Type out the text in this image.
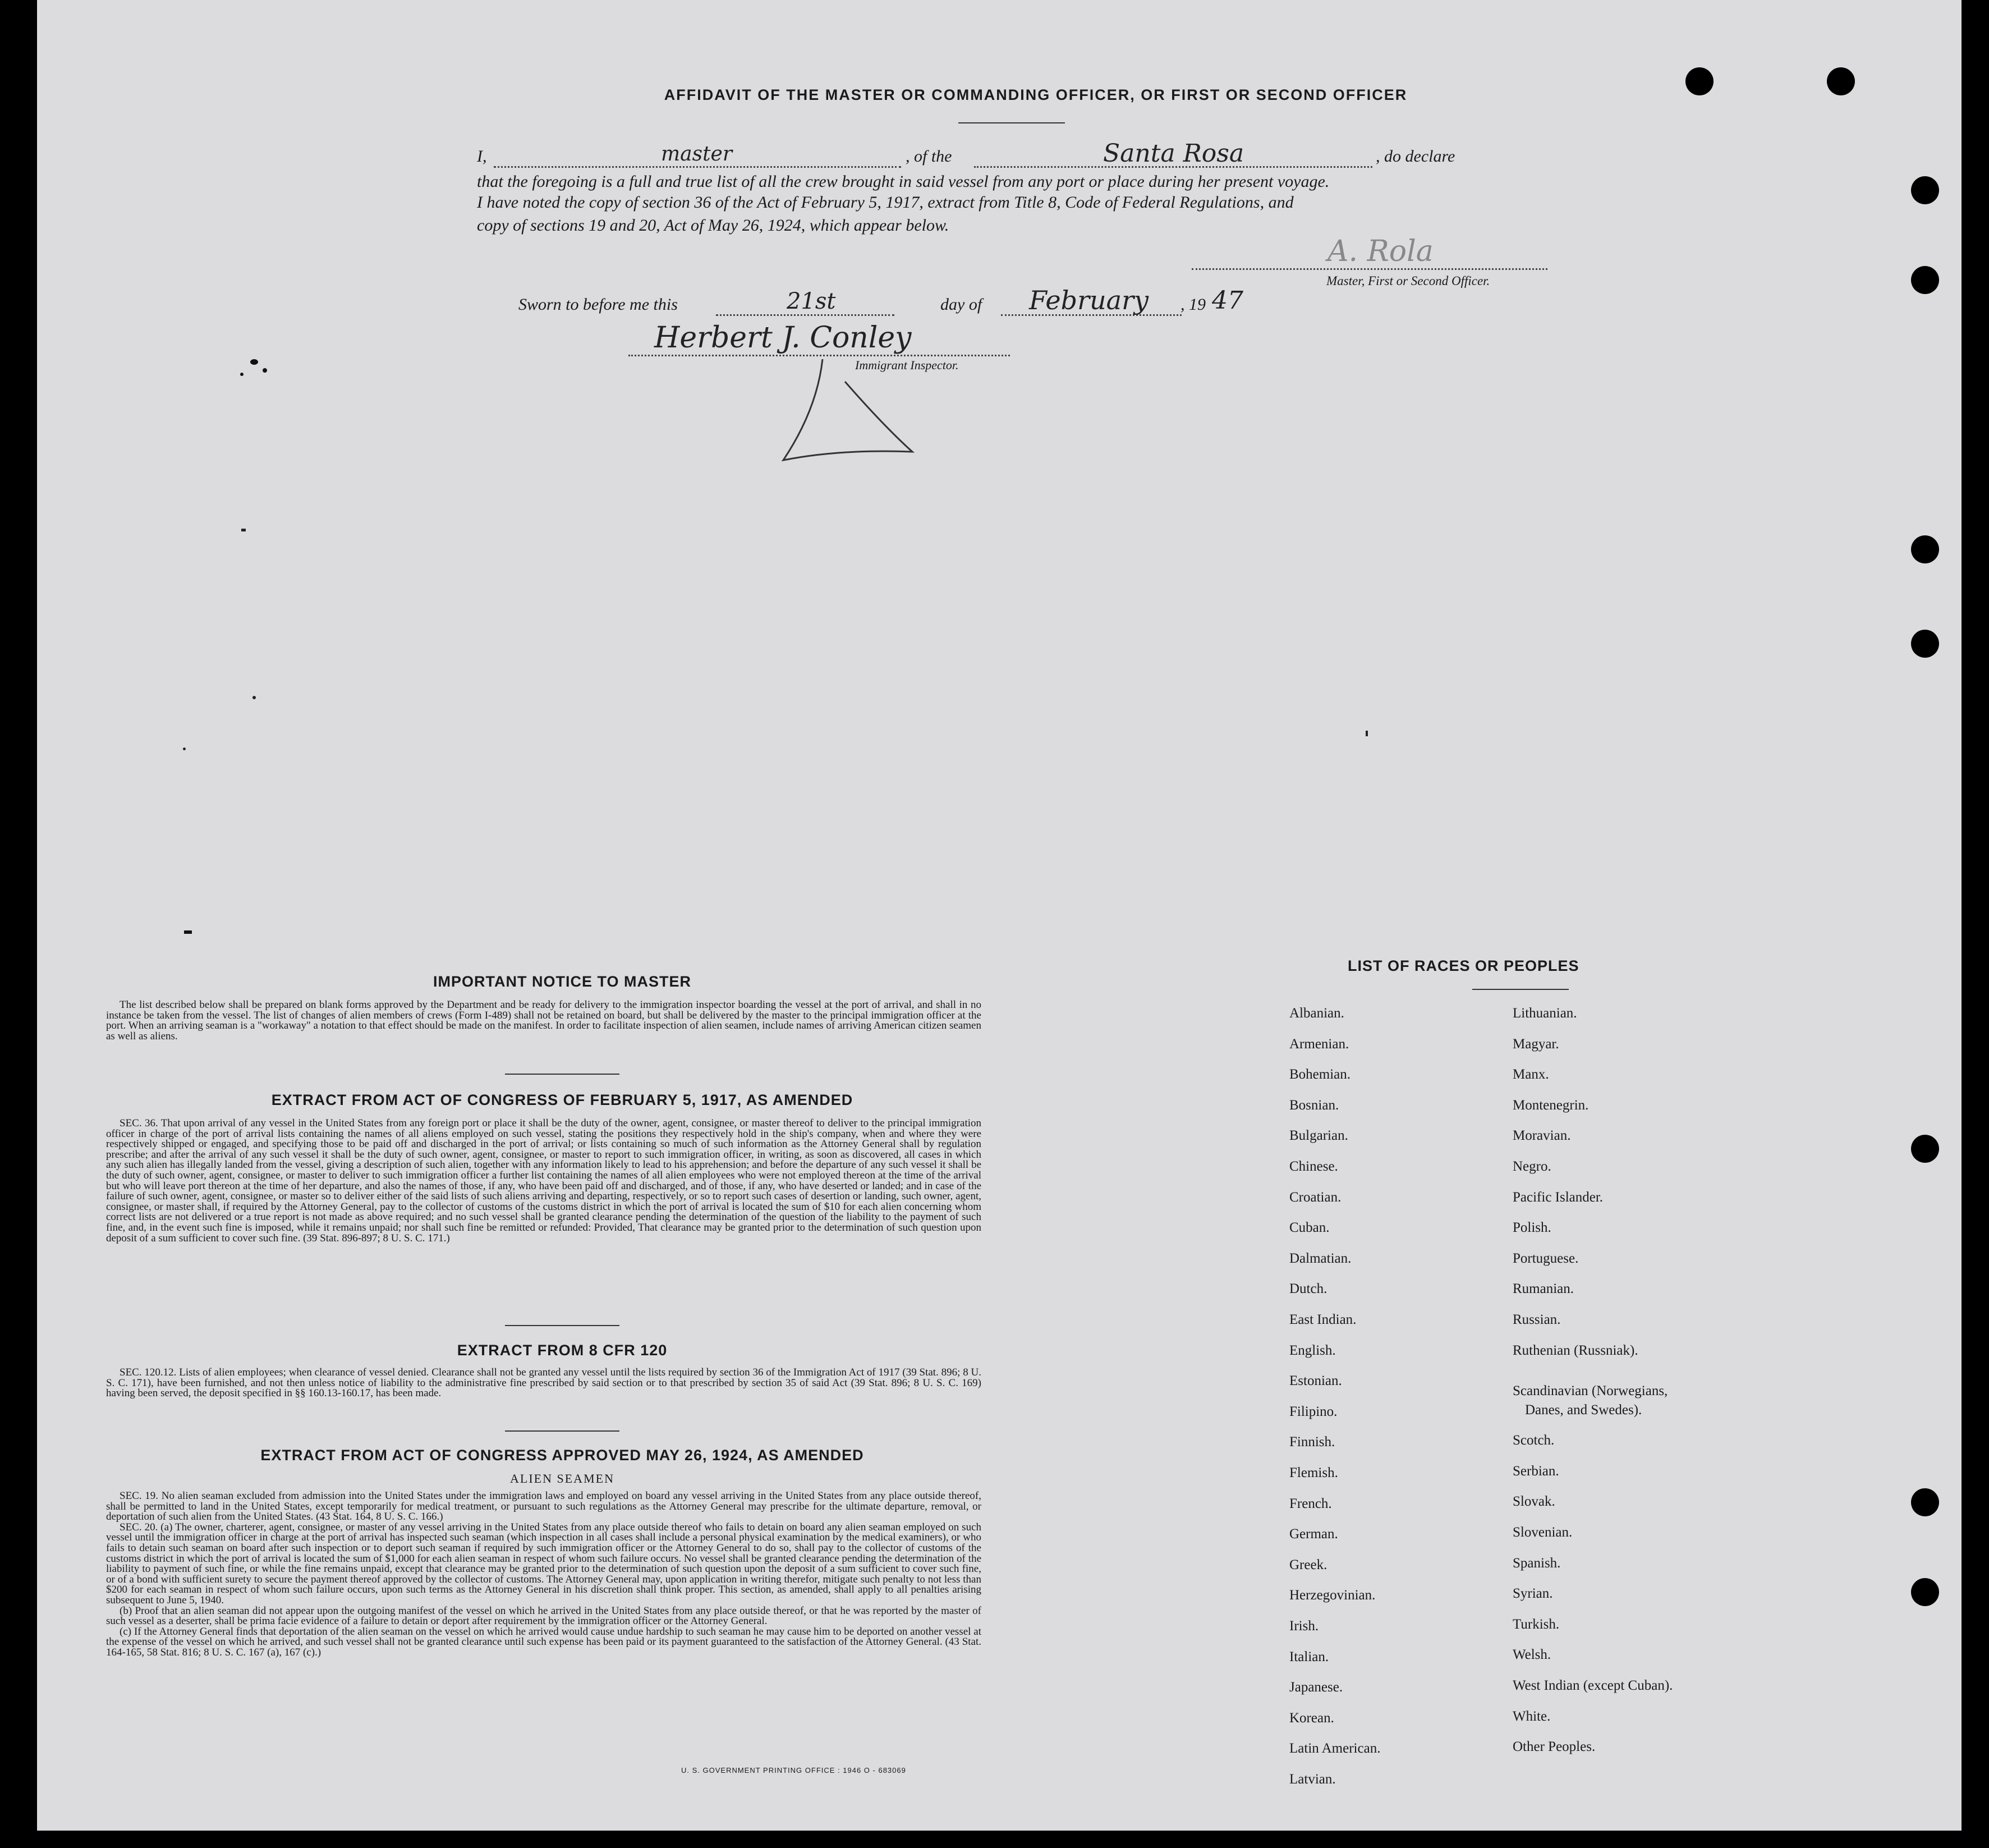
AFFIDAVIT OF THE MASTER OR COMMANDING OFFICER, OR FIRST OR SECOND OFFICER
I,	master	, of the	Santa Rosa	, do declare
that the foregoing is a full and true list of all the crew brought in said vessel from any port or place during her present voyage.
I have noted the copy of section 36 of the Act of February 5, 1917, extract from Title 8, Code of Federal Regulations, and
copy of sections 19 and 20, Act of May 26, 1924, which appear below.
A. Rola
Master, First or Second Officer.
Sworn to before me this	21st	day of February , 19 47
Herbert J. Conley
Immigrant Inspector.
IMPORTANT NOTICE TO MASTER

The list described below shall be prepared on blank forms approved by the Department and be ready for delivery to the immigration inspector boarding the vessel at the port of arrival, and shall in no instance be taken from the vessel. The list of changes of alien members of crews (Form I-489) shall not be retained on board, but shall be delivered by the master to the principal immigration officer at the port. When an arriving seaman is a "workaway" a notation to that effect should be made on the manifest. In order to facilitate inspection of alien seamen, include names of arriving American citizen seamen as well as aliens.

EXTRACT FROM ACT OF CONGRESS OF FEBRUARY 5, 1917, AS AMENDED

SEC. 36. That upon arrival of any vessel in the United States from any foreign port or place it shall be the duty of the owner, agent, consignee, or master thereof to deliver to the principal immigration officer in charge of the port of arrival lists containing the names of all aliens employed on such vessel, stating the positions they respectively hold in the ship's company, when and where they were respectively shipped or engaged, and specifying those to be paid off and discharged in the port of arrival; or lists containing so much of such information as the Attorney General shall by regulation prescribe; and after the arrival of any such vessel it shall be the duty of such owner, agent, consignee, or master to report to such immigration officer, in writing, as soon as discovered, all cases in which any such alien has illegally landed from the vessel, giving a description of such alien, together with any information likely to lead to his apprehension; and before the departure of any such vessel it shall be the duty of such owner, agent, consignee, or master to deliver to such immigration officer a further list containing the names of all alien employees who were not employed thereon at the time of the arrival but who will leave port thereon at the time of her departure, and also the names of those, if any, who have been paid off and discharged, and of those, if any, who have deserted or landed; and in case of the failure of such owner, agent, consignee, or master so to deliver either of the said lists of such aliens arriving and departing, respectively, or so to report such cases of desertion or landing, such owner, agent, consignee, or master shall, if required by the Attorney General, pay to the collector of customs of the customs district in which the port of arrival is located the sum of $10 for each alien concerning whom correct lists are not delivered or a true report is not made as above required; and no such vessel shall be granted clearance pending the determination of the question of the liability to the payment of such fine, and, in the event such fine is imposed, while it remains unpaid; nor shall such fine be remitted or refunded: Provided, That clearance may be granted prior to the determination of such question upon deposit of a sum sufficient to cover such fine. (39 Stat. 896-897; 8 U. S. C. 171.)

EXTRACT FROM 8 CFR 120

SEC. 120.12. Lists of alien employees; when clearance of vessel denied. Clearance shall not be granted any vessel until the lists required by section 36 of the Immigration Act of 1917 (39 Stat. 896; 8 U. S. C. 171), have been furnished, and not then unless notice of liability to the administrative fine prescribed by said section or to that prescribed by section 35 of said Act (39 Stat. 896; 8 U. S. C. 169) having been served, the deposit specified in §§ 160.13-160.17, has been made.

EXTRACT FROM ACT OF CONGRESS APPROVED MAY 26, 1924, AS AMENDED
ALIEN SEAMEN

SEC. 19. No alien seaman excluded from admission into the United States under the immigration laws and employed on board any vessel arriving in the United States from any place outside thereof, shall be permitted to land in the United States, except temporarily for medical treatment, or pursuant to such regulations as the Attorney General may prescribe for the ultimate departure, removal, or deportation of such alien from the United States. (43 Stat. 164, 8 U. S. C. 166.)

SEC. 20. (a) The owner, charterer, agent, consignee, or master of any vessel arriving in the United States from any place outside thereof who fails to detain on board any alien seaman employed on such vessel until the immigration officer in charge at the port of arrival has inspected such seaman (which inspection in all cases shall include a personal physical examination by the medical examiners), or who fails to detain such seaman on board after such inspection or to deport such seaman if required by such immigration officer or the Attorney General to do so, shall pay to the collector of customs of the customs district in which the port of arrival is located the sum of $1,000 for each alien seaman in respect of whom such failure occurs. No vessel shall be granted clearance pending the determination of the liability to payment of such fine, or while the fine remains unpaid, except that clearance may be granted prior to the determination of such question upon the deposit of a sum sufficient to cover such fine, or of a bond with sufficient surety to secure the payment thereof approved by the collector of customs. The Attorney General may, upon application in writing therefor, mitigate such penalty to not less than $200 for each seaman in respect of whom such failure occurs, upon such terms as the Attorney General in his discretion shall think proper. This section, as amended, shall apply to all penalties arising subsequent to June 5, 1940.

(b) Proof that an alien seaman did not appear upon the outgoing manifest of the vessel on which he arrived in the United States from any place outside thereof, or that he was reported by the master of such vessel as a deserter, shall be prima facie evidence of a failure to detain or deport after requirement by the immigration officer or the Attorney General.

(c) If the Attorney General finds that deportation of the alien seaman on the vessel on which he arrived would cause undue hardship to such seaman he may cause him to be deported on another vessel at the expense of the vessel on which he arrived, and such vessel shall not be granted clearance until such expense has been paid or its payment guaranteed to the satisfaction of the Attorney General. (43 Stat. 164-165, 58 Stat. 816; 8 U. S. C. 167 (a), 167 (c).)

U. S. GOVERNMENT PRINTING OFFICE : 1946 O - 683069
LIST OF RACES OR PEOPLES
Albanian.
Armenian.
Bohemian.
Bosnian.
Bulgarian.
Chinese.
Croatian.
Cuban.
Dalmatian.
Dutch.
East Indian.
English.
Estonian.
Filipino.
Finnish.
Flemish.
French.
German.
Greek.
Herzegovinian.
Irish.
Italian.
Japanese.
Korean.
Latin American.
Latvian.
Lithuanian.
Magyar.
Manx.
Montenegrin.
Moravian.
Negro.
Pacific Islander.
Polish.
Portuguese.
Rumanian.
Russian.
Ruthenian (Russniak).
Scandinavian (Norwegians,
Danes, and Swedes).
Scotch.
Serbian.
Slovak.
Slovenian.
Spanish.
Syrian.
Turkish.
Welsh.
West Indian (except Cuban).
White.
Other Peoples.
